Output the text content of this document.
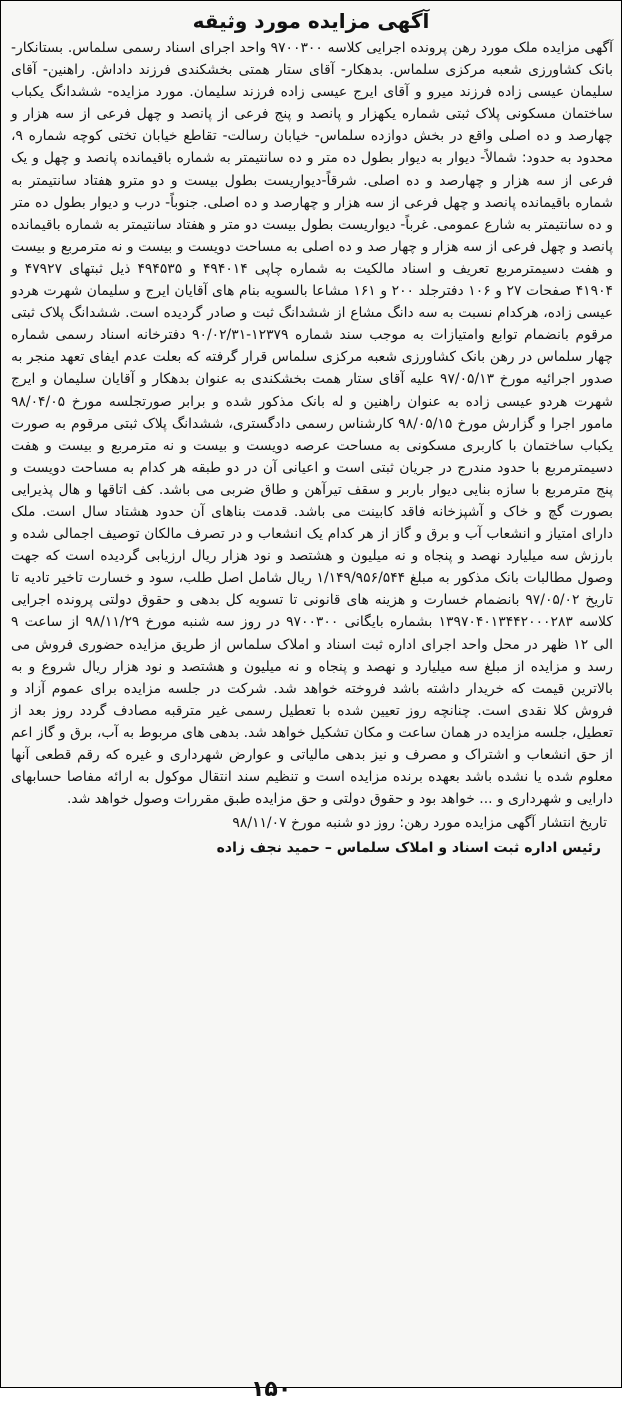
آگهی مزایده مورد وثیقه

آگهی مزایده ملک مورد رهن پرونده اجرایی کلاسه ۹۷۰۰۳۰۰ واحد اجرای اسناد رسمی سلماس. بستانکار- بانک کشاورزی شعبه مرکزی سلماس. بدهکار- آقای ستار همتی بخشکندی فرزند داداش. راهنین- آقای سلیمان عیسی زاده فرزند میرو و آقای ایرج عیسی زاده فرزند سلیمان. مورد مزایده- ششدانگ یکباب ساختمان مسکونی پلاک ثبتی شماره یکهزار و پانصد و پنج فرعی از پانصد و چهل فرعی از سه هزار و چهارصد و ده اصلی واقع در بخش دوازده سلماس- خیابان رسالت- تقاطع خیابان تختی کوچه شماره ۹، محدود به حدود: شمالاً- دیوار به دیوار بطول ده متر و ده سانتیمتر به شماره باقیمانده پانصد و چهل و یک فرعی از سه هزار و چهارصد و ده اصلی. شرقاً-دیواریست بطول بیست و دو مترو هفتاد سانتیمتر به شماره باقیمانده پانصد و چهل فرعی از سه هزار و چهارصد و ده اصلی. جنوباً- درب و دیوار بطول ده متر و ده سانتیمتر به شارع عمومی. غرباً- دیواریست بطول بیست دو متر و هفتاد سانتیمتر به شماره باقیمانده پانصد و چهل فرعی از سه هزار و چهار صد و ده اصلی به مساحت دویست و بیست و نه مترمربع و بیست و هفت دسیمترمربع تعریف و اسناد مالکیت به شماره چاپی ۴۹۴۰۱۴ و ۴۹۴۵۳۵ ذیل ثبتهای ۴۷۹۲۷ و ۴۱۹۰۴ صفحات ۲۷ و ۱۰۶ دفترجلد ۲۰۰ و ۱۶۱ مشاعا بالسویه بنام های آقایان ایرج و سلیمان شهرت هردو عیسی زاده، هرکدام نسبت به سه دانگ مشاع از ششدانگ ثبت و صادر گردیده است. ششدانگ پلاک ثبتی مرقوم بانضمام توابع وامتیازات به موجب سند شماره ۱۲۳۷۹-۹۰/۰۲/۳۱ دفترخانه اسناد رسمی شماره چهار سلماس در رهن بانک کشاورزی شعبه مرکزی سلماس قرار گرفته که بعلت عدم ایفای تعهد منجر به صدور اجرائیه مورخ ۹۷/۰۵/۱۳ علیه آقای ستار همت بخشکندی به عنوان بدهکار و آقایان سلیمان و ایرج شهرت هردو عیسی زاده به عنوان راهنین و له بانک مذکور شده و برابر صورتجلسه مورخ ۹۸/۰۴/۰۵ مامور اجرا و گزارش مورخ ۹۸/۰۵/۱۵ کارشناس رسمی دادگستری، ششدانگ پلاک ثبتی مرقوم به صورت یکباب ساختمان با کاربری مسکونی به مساحت عرصه دویست و بیست و نه مترمربع و بیست و هفت دسیمترمربع با حدود مندرج در جریان ثبتی است و اعیانی آن در دو طبقه هر کدام به مساحت دویست و پنج مترمربع با سازه بنایی دیوار باربر و سقف تیرآهن و طاق ضربی می باشد. کف اتاقها و هال پذیرایی بصورت گچ و خاک و آشپزخانه فاقد کابینت می باشد. قدمت بناهای آن حدود هشتاد سال است. ملک دارای امتیاز و انشعاب آب و برق و گاز از هر کدام یک انشعاب و در تصرف مالکان توصیف اجمالی شده و بارزش سه میلیارد نهصد و پنجاه و نه میلیون و هشتصد و نود هزار ریال ارزیابی گردیده است که جهت وصول مطالبات بانک مذکور به مبلغ ۱/۱۴۹/۹۵۶/۵۴۴ ریال شامل اصل طلب، سود و خسارت تاخیر تادیه تا تاریخ ۹۷/۰۵/۰۲ بانضمام خسارت و هزینه های قانونی تا تسویه کل بدهی و حقوق دولتی پرونده اجرایی کلاسه ۱۳۹۷۰۴۰۱۳۴۴۲۰۰۰۲۸۳ بشماره بایگانی ۹۷۰۰۳۰۰ در روز سه شنبه مورخ ۹۸/۱۱/۲۹ از ساعت ۹ الی ۱۲ ظهر در محل واحد اجرای اداره ثبت اسناد و املاک سلماس از طریق مزایده حضوری فروش می رسد و مزایده از مبلغ سه میلیارد و نهصد و پنجاه و نه میلیون و هشتصد و نود هزار ریال شروع و به بالاترین قیمت که خریدار داشته باشد فروخته خواهد شد. شرکت در جلسه مزایده برای عموم آزاد و فروش کلا نقدی است. چنانچه روز تعیین شده با تعطیل رسمی غیر مترقبه مصادف گردد روز بعد از تعطیل، جلسه مزایده در همان ساعت و مکان تشکیل خواهد شد. بدهی های مربوط به آب، برق و گاز اعم از حق انشعاب و اشتراک و مصرف و نیز بدهی مالیاتی و عوارض شهرداری و غیره که رقم قطعی آنها معلوم شده یا نشده باشد بعهده برنده مزایده است و تنظیم سند انتقال موکول به ارائه مفاصا حسابهای دارایی و شهرداری و ... خواهد بود و حقوق دولتی و حق مزایده طبق مقررات وصول خواهد شد.

تاریخ انتشار آگهی مزایده مورد رهن: روز دو شنبه مورخ ۹۸/۱۱/۰۷

رئیس اداره ثبت اسناد و املاک سلماس – حمید نجف زاده

۱۵۰
